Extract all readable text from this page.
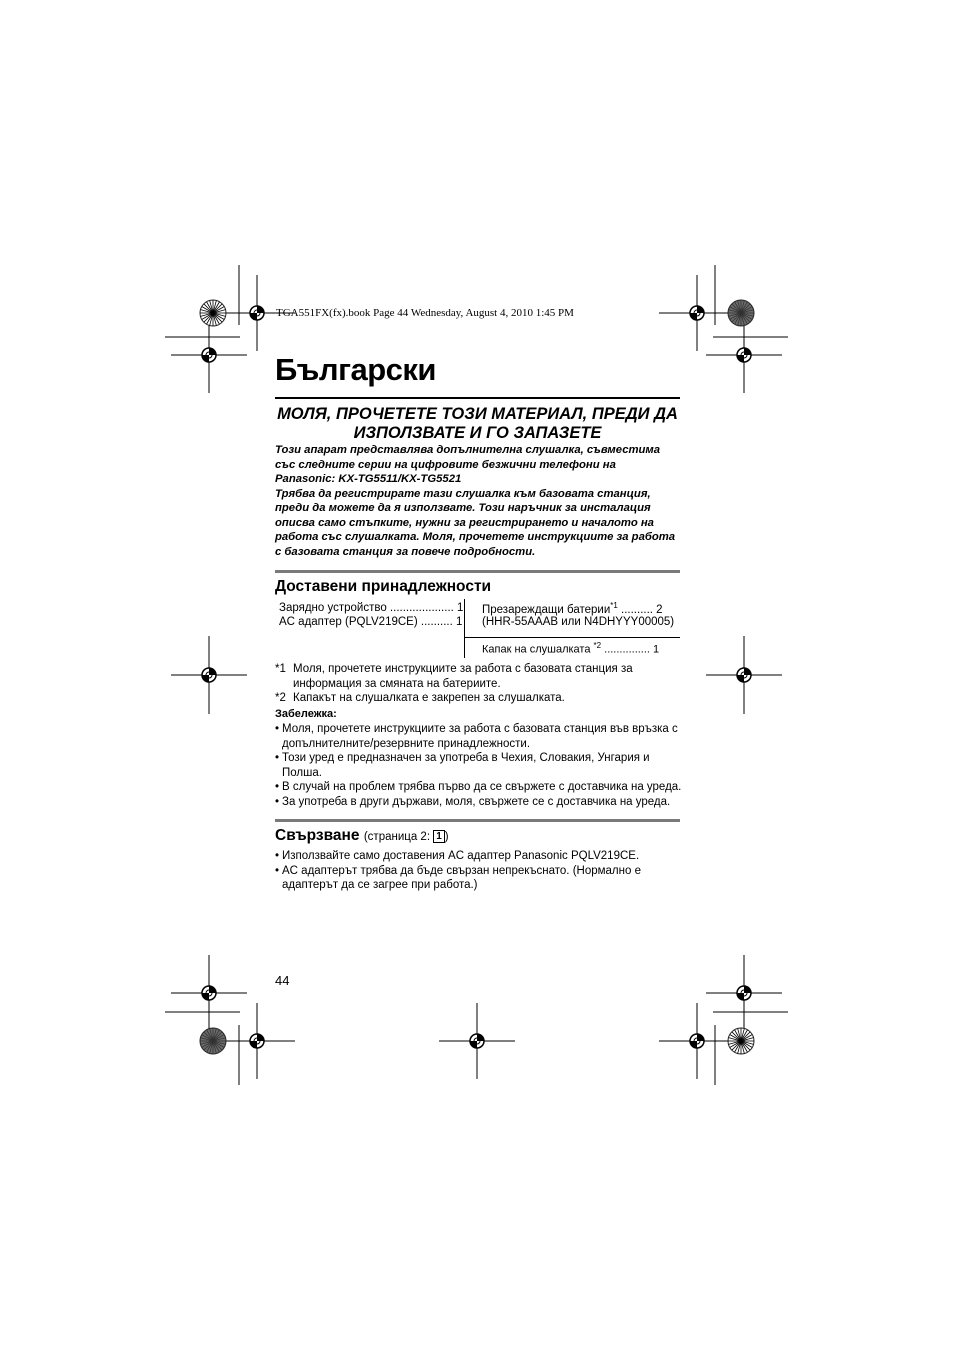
TGA551FX(fx).book Page 44 Wednesday, August 4, 2010 1:45 PM
Български
МОЛЯ, ПРОЧЕТЕТЕ ТОЗИ МАТЕРИАЛ, ПРЕДИ ДА
ИЗПОЛЗВАТЕ И ГО ЗАПАЗЕТЕ
Този апарат представлява допълнителна слушалка, съвместима
със следните серии на цифровите безжични телефони на
Panasonic: KX-TG5511/KX-TG5521
Трябва да регистрирате тази слушалка към базовата станция,
преди да можете да я използвате. Този наръчник за инсталация
описва само стъпките, нужни за регистрирането и началото на
работа със слушалката. Моля, прочетете инструкциите за работа
с базовата станция за повече подробности.
Доставени принадлежности
Зарядно устройство .................... 1
AC адаптер (PQLV219CE) .......... 1
Презареждащи батерии$^{*1}$ .......... 2
(HHR-55AAAB или N4DHYYY00005)
Капак на слушалката $^{*2}$ ............... 1
*1 Моля, прочетете инструкциите за работа с базовата станция за информация за смяната на батериите.
*2 Капакът на слушалката е закрепен за слушалката.
Забележка:
• Моля, прочетете инструкциите за работа с базовата станция във връзка с допълнителните/резервните принадлежности.
• Този уред е предназначен за употреба в Чехия, Словакия, Унгария и Полша.
• В случай на проблем трябва първо да се свържете с доставчика на уреда.
• За употреба в други държави, моля, свържете се с доставчика на уреда.
Свързване (страница 2: 1 )
• Използвайте само доставения AC адаптер Panasonic PQLV219CE.
• AC адаптерът трябва да бъде свързан непрекъснато. (Нормално е адаптерът да се загрее при работа.)
44
